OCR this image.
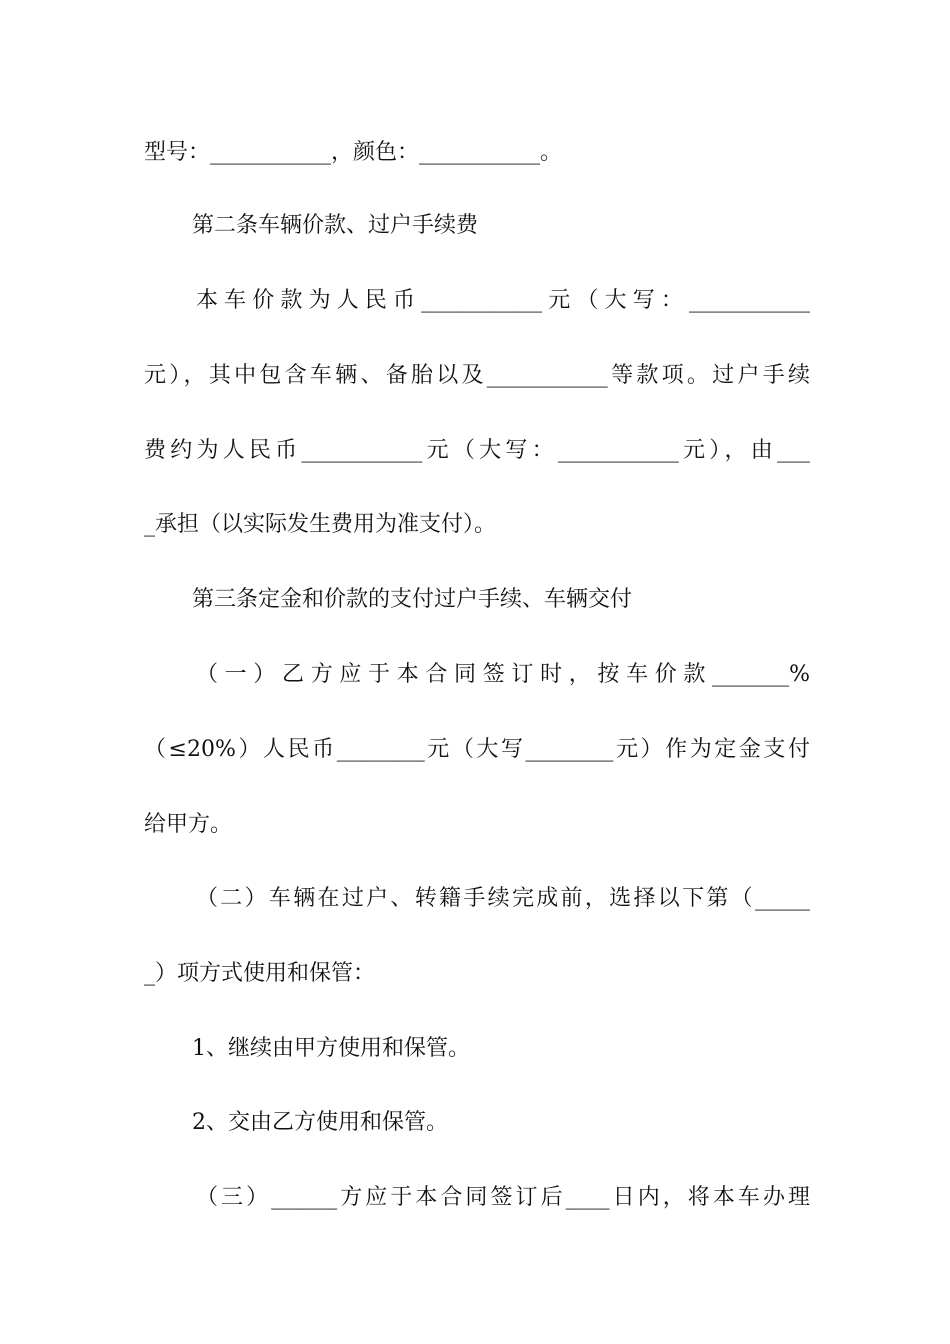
型号：___________，颜色：___________。
第二条车辆价款、过户手续费
本车价款为人民币___________元（大写：___________
元），其中包含车辆、备胎以及___________等款项。过户手续
费约为人民币___________元（大写：___________元），由___
_承担（以实际发生费用为准支付）。
第三条定金和价款的支付过户手续、车辆交付
（一）乙方应于本合同签订时，按车价款_______%
（≤20%）人民币________元（大写________元）作为定金支付
给甲方。
（二）车辆在过户、转籍手续完成前，选择以下第（_____
_）项方式使用和保管：
1、继续由甲方使用和保管。
2、交由乙方使用和保管。
（三）______方应于本合同签订后____日内，将本车办理
